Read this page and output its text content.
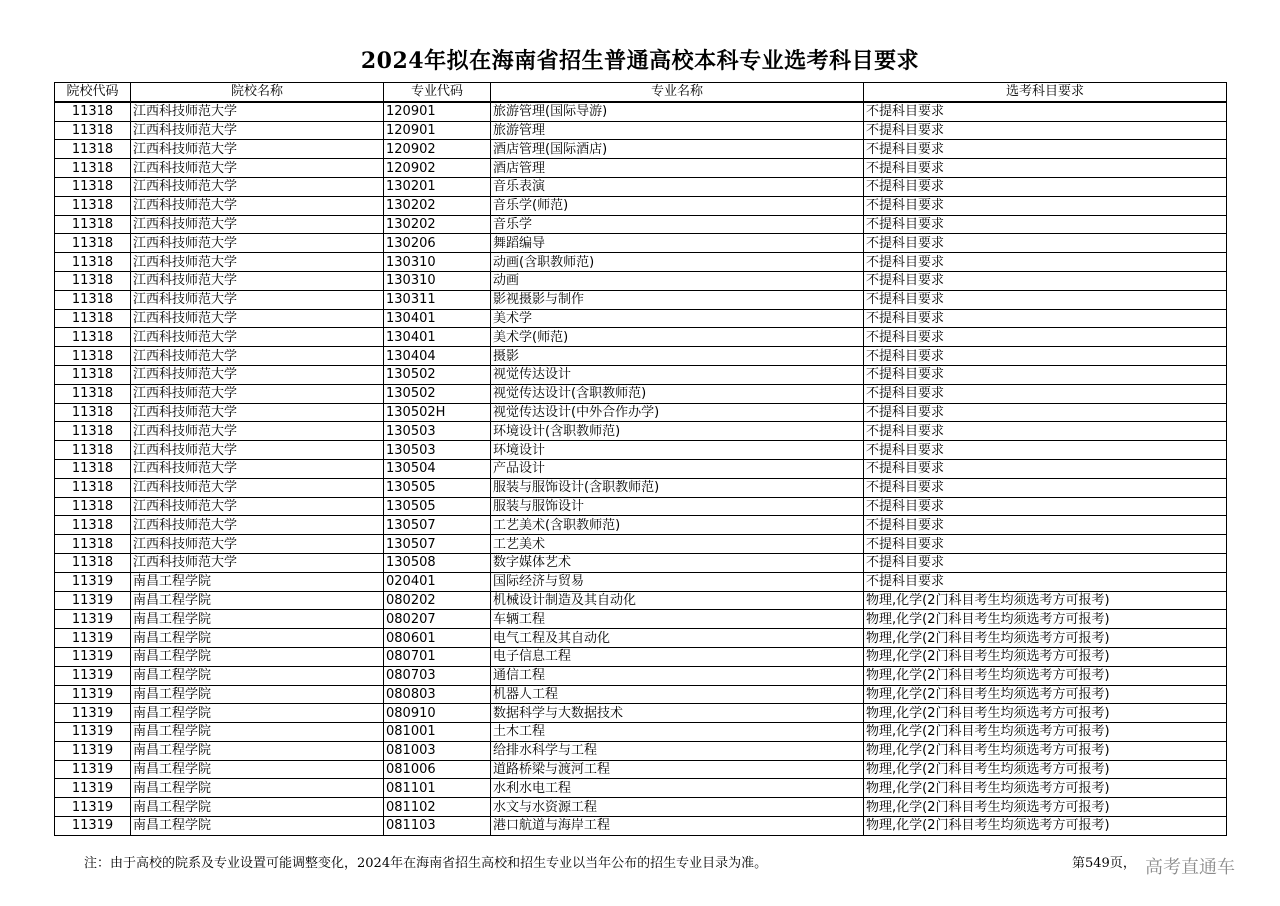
2024年拟在海南省招生普通高校本科专业选考科目要求
院校代码	院校名称	专业代码	专业名称	选考科目要求
11318	江西科技师范大学	120901	旅游管理(国际导游)	不提科目要求
11318	江西科技师范大学	120901	旅游管理	不提科目要求
11318	江西科技师范大学	120902	酒店管理(国际酒店)	不提科目要求
11318	江西科技师范大学	120902	酒店管理	不提科目要求
11318	江西科技师范大学	130201	音乐表演	不提科目要求
11318	江西科技师范大学	130202	音乐学(师范)	不提科目要求
11318	江西科技师范大学	130202	音乐学	不提科目要求
11318	江西科技师范大学	130206	舞蹈编导	不提科目要求
11318	江西科技师范大学	130310	动画(含职教师范)	不提科目要求
11318	江西科技师范大学	130310	动画	不提科目要求
11318	江西科技师范大学	130311	影视摄影与制作	不提科目要求
11318	江西科技师范大学	130401	美术学	不提科目要求
11318	江西科技师范大学	130401	美术学(师范)	不提科目要求
11318	江西科技师范大学	130404	摄影	不提科目要求
11318	江西科技师范大学	130502	视觉传达设计	不提科目要求
11318	江西科技师范大学	130502	视觉传达设计(含职教师范)	不提科目要求
11318	江西科技师范大学	130502H	视觉传达设计(中外合作办学)	不提科目要求
11318	江西科技师范大学	130503	环境设计(含职教师范)	不提科目要求
11318	江西科技师范大学	130503	环境设计	不提科目要求
11318	江西科技师范大学	130504	产品设计	不提科目要求
11318	江西科技师范大学	130505	服装与服饰设计(含职教师范)	不提科目要求
11318	江西科技师范大学	130505	服装与服饰设计	不提科目要求
11318	江西科技师范大学	130507	工艺美术(含职教师范)	不提科目要求
11318	江西科技师范大学	130507	工艺美术	不提科目要求
11318	江西科技师范大学	130508	数字媒体艺术	不提科目要求
11319	南昌工程学院	020401	国际经济与贸易	不提科目要求
11319	南昌工程学院	080202	机械设计制造及其自动化	物理,化学(2门科目考生均须选考方可报考)
11319	南昌工程学院	080207	车辆工程	物理,化学(2门科目考生均须选考方可报考)
11319	南昌工程学院	080601	电气工程及其自动化	物理,化学(2门科目考生均须选考方可报考)
11319	南昌工程学院	080701	电子信息工程	物理,化学(2门科目考生均须选考方可报考)
11319	南昌工程学院	080703	通信工程	物理,化学(2门科目考生均须选考方可报考)
11319	南昌工程学院	080803	机器人工程	物理,化学(2门科目考生均须选考方可报考)
11319	南昌工程学院	080910	数据科学与大数据技术	物理,化学(2门科目考生均须选考方可报考)
11319	南昌工程学院	081001	土木工程	物理,化学(2门科目考生均须选考方可报考)
11319	南昌工程学院	081003	给排水科学与工程	物理,化学(2门科目考生均须选考方可报考)
11319	南昌工程学院	081006	道路桥梁与渡河工程	物理,化学(2门科目考生均须选考方可报考)
11319	南昌工程学院	081101	水利水电工程	物理,化学(2门科目考生均须选考方可报考)
11319	南昌工程学院	081102	水文与水资源工程	物理,化学(2门科目考生均须选考方可报考)
11319	南昌工程学院	081103	港口航道与海岸工程	物理,化学(2门科目考生均须选考方可报考)
注：由于高校的院系及专业设置可能调整变化，2024年在海南省招生高校和招生专业以当年公布的招生专业目录为准。	第549页， 高考直通车
